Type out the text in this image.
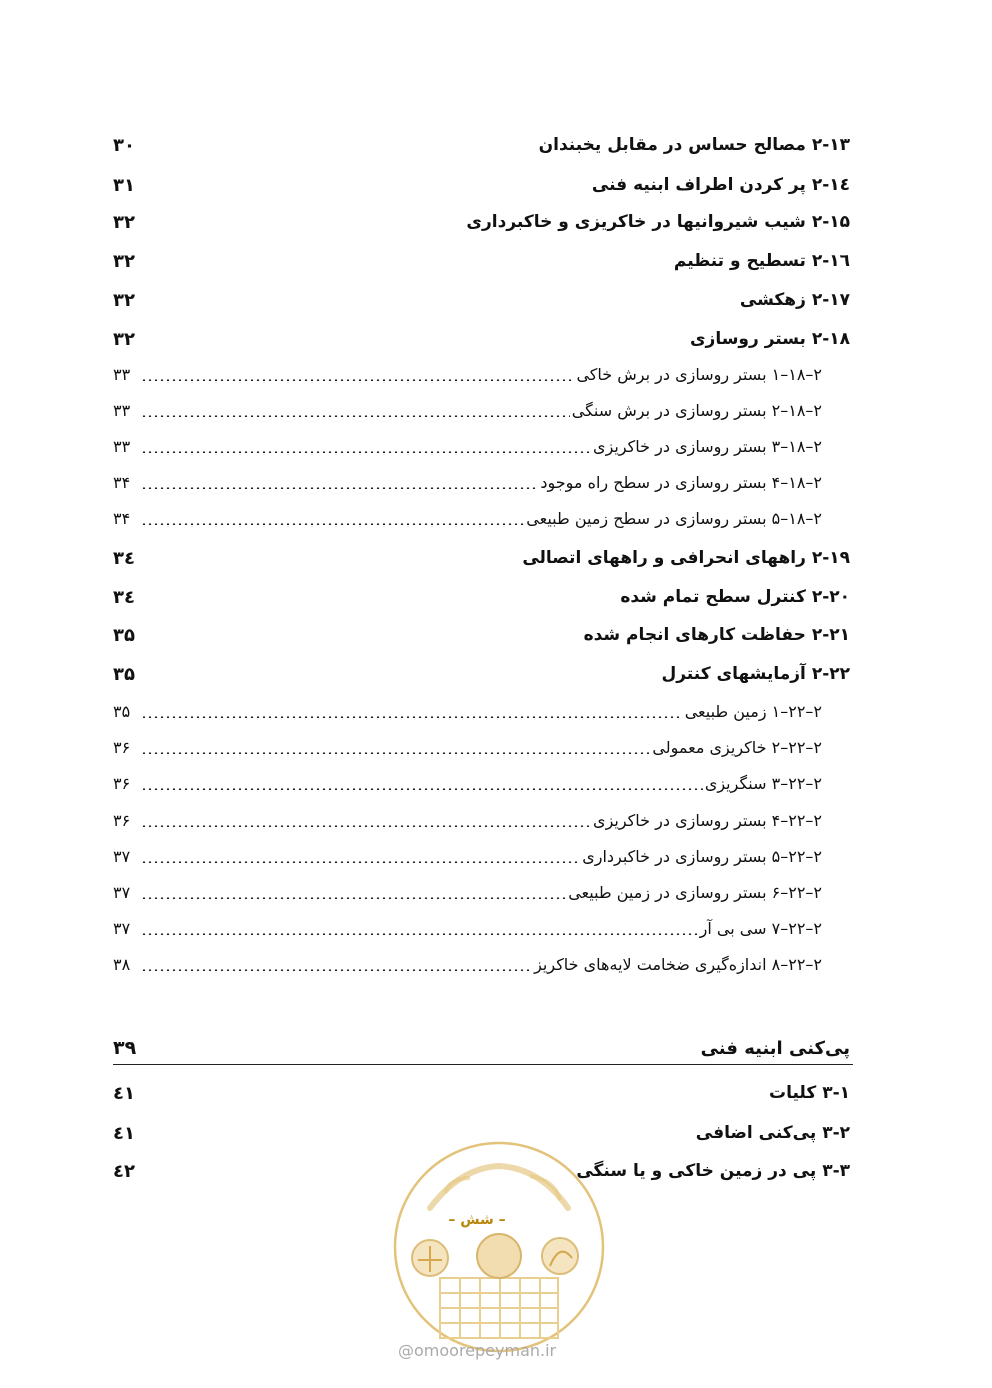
۲-۱۳ مصالح حساس در مقابل یخبندان
۳۰
۲-۱٤ پر کردن اطراف ابنیه فنی
۳۱
۲-۱۵ شیب شیروانیها در خاکریزی و خاکبرداری
۳۲
۲-۱٦ تسطیح و تنظیم
۳۲
۲-۱۷ زهکشی
۳۲
۲-۱۸ بستر روسازی
۳۲
۲–۱۸–۱ بستر روسازی در برش خاکی
۳۳
۲–۱۸–۲ بستر روسازی در برش سنگی
۳۳
۲–۱۸–۳ بستر روسازی در خاکریزی
۳۳
۲–۱۸–۴ بستر روسازی در سطح راه موجود
۳۴
۲–۱۸–۵ بستر روسازی در سطح زمین طبیعی
۳۴
۲-۱۹ راههای انحرافی و راههای اتصالی
۳٤
۲-۲۰ کنترل سطح تمام شده
۳٤
۲-۲۱ حفاظت کارهای انجام شده
۳۵
۲-۲۲ آزمایشهای کنترل
۳۵
۲–۲۲–۱ زمین طبیعی
۳۵
۲–۲۲–۲ خاکریزی معمولی
۳۶
۲–۲۲–۳ سنگریزی
۳۶
۲–۲۲–۴ بستر روسازی در خاکریزی
۳۶
۲–۲۲–۵ بستر روسازی در خاکبرداری
۳۷
۲–۲۲–۶ بستر روسازی در زمین طبیعی
۳۷
۲–۲۲–۷ سی بی آر
۳۷
۲–۲۲–۸ اندازه‌گیری ضخامت لایه‌های خاکریز
۳۸
پی‌کنی ابنیه فنی
۳۹
۳-۱ کلیات
٤۱
۳-۲ پی‌کنی اضافی
٤۱
۳-۳ پی در زمین خاکی و یا سنگی
٤۲
– شش –
@omoorepeyman.ir
